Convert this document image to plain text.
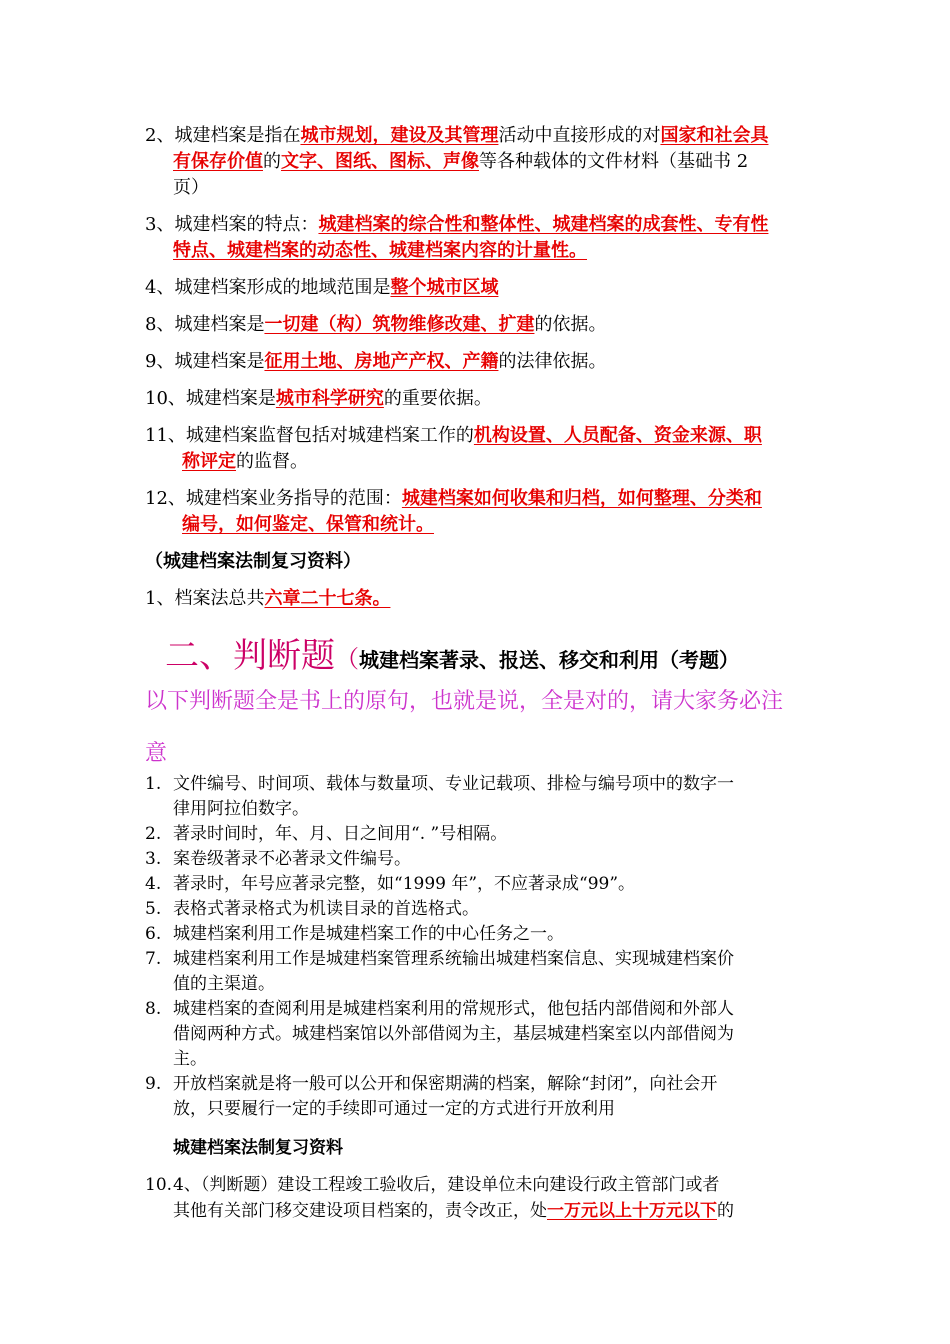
2、城建档案是指在城市规划，建设及其管理活动中直接形成的对国家和社会具
有保存价值的文字、图纸、图标、声像等各种载体的文件材料（基础书 2
页）
3、城建档案的特点：城建档案的综合性和整体性、城建档案的成套性、专有性
特点、城建档案的动态性、城建档案内容的计量性。
4、城建档案形成的地域范围是整个城市区域
8、城建档案是一切建（构）筑物维修改建、扩建的依据。
9、城建档案是征用土地、房地产产权、产籍的法律依据。
10、城建档案是城市科学研究的重要依据。
11、城建档案监督包括对城建档案工作的机构设置、人员配备、资金来源、职
称评定的监督。
12、城建档案业务指导的范围：城建档案如何收集和归档，如何整理、分类和
编号，如何鉴定、保管和统计。
（城建档案法制复习资料）
1、档案法总共六章二十七条。
二、判断题（城建档案著录、报送、移交和利用（考题）
以下判断题全是书上的原句，也就是说，全是对的，请大家务必注
意
1. 文件编号、时间项、载体与数量项、专业记载项、排检与编号项中的数字一
律用阿拉伯数字。
2. 著录时间时，年、月、日之间用“. ”号相隔。
3. 案卷级著录不必著录文件编号。
4. 著录时，年号应著录完整，如“1999 年”，不应著录成“99”。
5. 表格式著录格式为机读目录的首选格式。
6. 城建档案利用工作是城建档案工作的中心任务之一。
7. 城建档案利用工作是城建档案管理系统输出城建档案信息、实现城建档案价
值的主渠道。
8. 城建档案的查阅利用是城建档案利用的常规形式，他包括内部借阅和外部人
借阅两种方式。城建档案馆以外部借阅为主，基层城建档案室以内部借阅为
主。
9. 开放档案就是将一般可以公开和保密期满的档案，解除“封闭”，向社会开
放，只要履行一定的手续即可通过一定的方式进行开放利用
城建档案法制复习资料
10.4、（判断题）建设工程竣工验收后，建设单位未向建设行政主管部门或者
其他有关部门移交建设项目档案的，责令改正，处一万元以上十万元以下的
